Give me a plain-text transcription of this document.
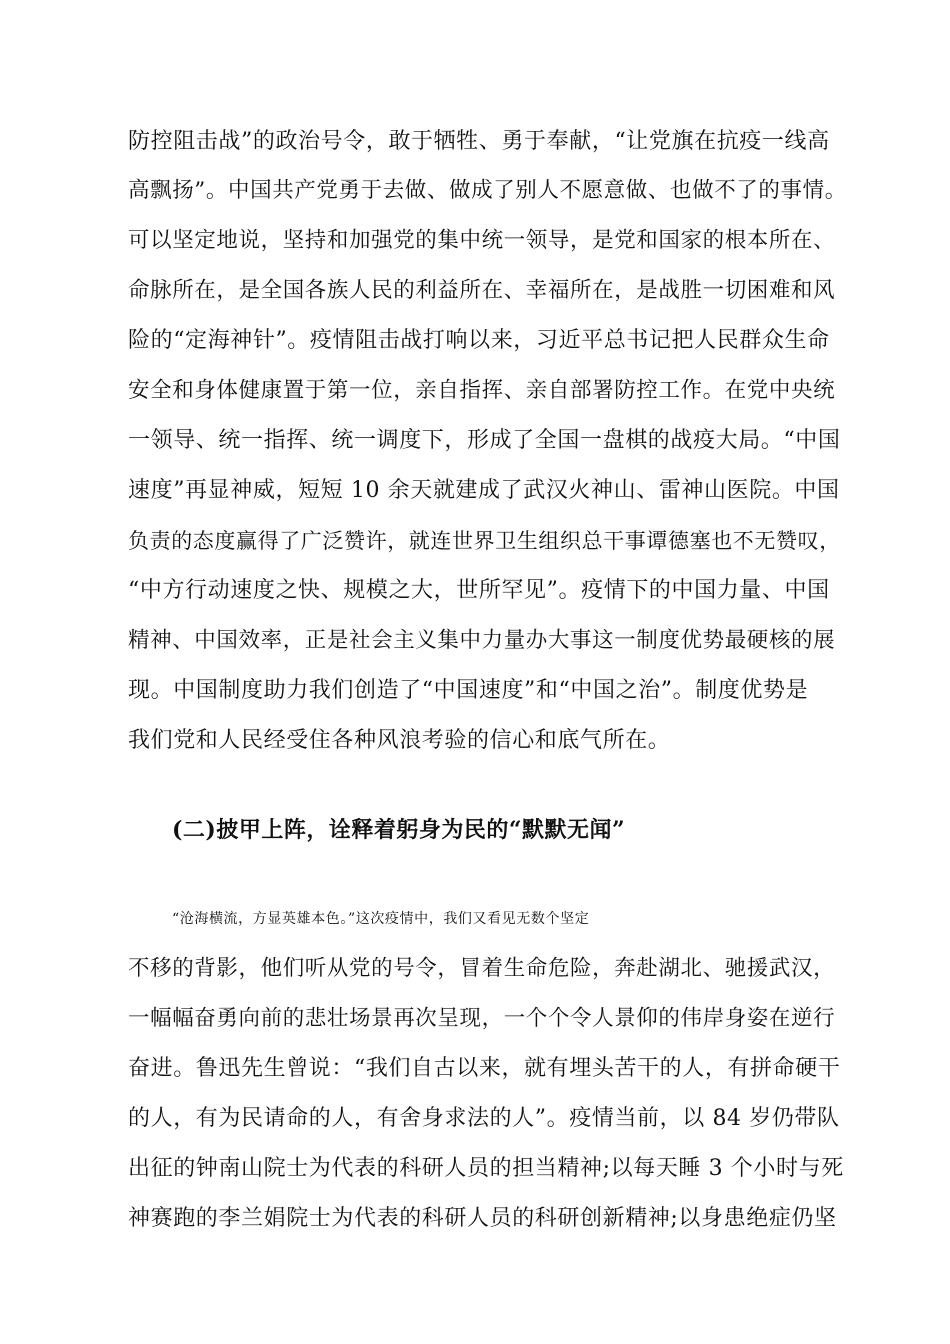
防控阻击战”的政治号令，敢于牺牲、勇于奉献，“让党旗在抗疫一线高
高飘扬”。中国共产党勇于去做、做成了别人不愿意做、也做不了的事情。
可以坚定地说，坚持和加强党的集中统一领导，是党和国家的根本所在、
命脉所在，是全国各族人民的利益所在、幸福所在，是战胜一切困难和风
险的“定海神针”。疫情阻击战打响以来，习近平总书记把人民群众生命
安全和身体健康置于第一位，亲自指挥、亲自部署防控工作。在党中央统
一领导、统一指挥、统一调度下，形成了全国一盘棋的战疫大局。“中国
速度”再显神威，短短 10 余天就建成了武汉火神山、雷神山医院。中国
负责的态度赢得了广泛赞许，就连世界卫生组织总干事谭德塞也不无赞叹，
“中方行动速度之快、规模之大，世所罕见”。疫情下的中国力量、中国
精神、中国效率，正是社会主义集中力量办大事这一制度优势最硬核的展
现。中国制度助力我们创造了“中国速度”和“中国之治”。制度优势是
我们党和人民经受住各种风浪考验的信心和底气所在。
(二)披甲上阵，诠释着躬身为民的“默默无闻”
“沧海横流，方显英雄本色。”这次疫情中，我们又看见无数个坚定
不移的背影，他们听从党的号令，冒着生命危险，奔赴湖北、驰援武汉，
一幅幅奋勇向前的悲壮场景再次呈现，一个个令人景仰的伟岸身姿在逆行
奋进。鲁迅先生曾说：“我们自古以来，就有埋头苦干的人，有拼命硬干
的人，有为民请命的人，有舍身求法的人”。疫情当前，以 84 岁仍带队
出征的钟南山院士为代表的科研人员的担当精神;以每天睡 3 个小时与死
神赛跑的李兰娟院士为代表的科研人员的科研创新精神;以身患绝症仍坚
